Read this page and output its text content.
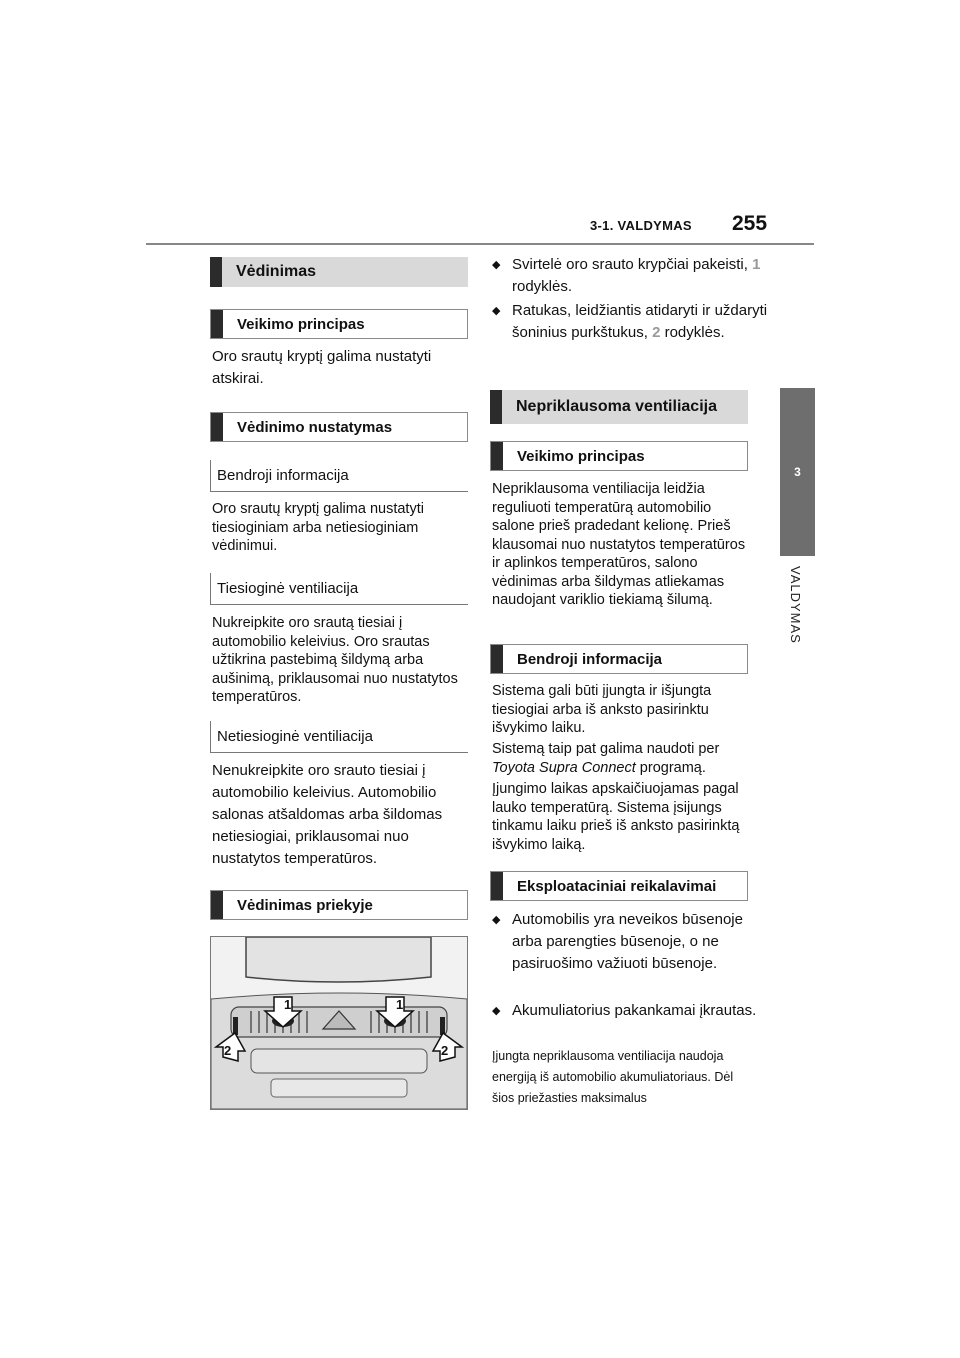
3-1. VALDYMAS 255
3
VALDYMAS
Vėdinimas
Veikimo principas
Oro srautų kryptį galima nustatyti atskirai.
Vėdinimo nustatymas
Bendroji informacija
Oro srautų kryptį galima nustatyti tiesioginiam arba netiesioginiam vėdinimui.
Tiesioginė ventiliacija
Nukreipkite oro srautą tiesiai į automobilio keleivius. Oro srautas užtikrina pastebimą šildymą arba aušinimą, priklausomai nuo nustatytos temperatūros.
Netiesioginė ventiliacija
Nenukreipkite oro srauto tiesiai į automobilio keleivius. Automobilio salonas atšaldomas arba šildomas netiesiogiai, priklausomai nuo nustatytos temperatūros.
Vėdinimas priekyje
1	1
2	2
◆ Svirtelė oro srauto krypčiai pakeisti, 1 rodyklės.
◆ Ratukas, leidžiantis atidaryti ir uždaryti šoninius purkštukus, 2 rodyklės.
Nepriklausoma ventiliacija
Veikimo principas
Nepriklausoma ventiliacija leidžia reguliuoti temperatūrą automobilio salone prieš pradedant kelionę. Prieš klausomai nuo nustatytos temperatūros ir aplinkos temperatūros, salono vėdinimas arba šildymas atliekamas naudojant variklio tiekiamą šilumą.
Bendroji informacija
Sistema gali būti įjungta ir išjungta tiesiogiai arba iš anksto pasirinktu išvykimo laiku.
Sistemą taip pat galima naudoti per Toyota Supra Connect programą.
Įjungimo laikas apskaičiuojamas pagal lauko temperatūrą. Sistema įsijungs tinkamu laiku prieš iš anksto pasirinktą išvykimo laiką.
Eksploataciniai reikalavimai
◆ Automobilis yra neveikos būsenoje arba parengties būsenoje, o ne pasiruošimo važiuoti būsenoje.
◆ Akumuliatorius pakankamai įkrautas.
Įjungta nepriklausoma ventiliacija naudoja energiją iš automobilio akumuliatoriaus. Dėl šios priežasties maksimalus
